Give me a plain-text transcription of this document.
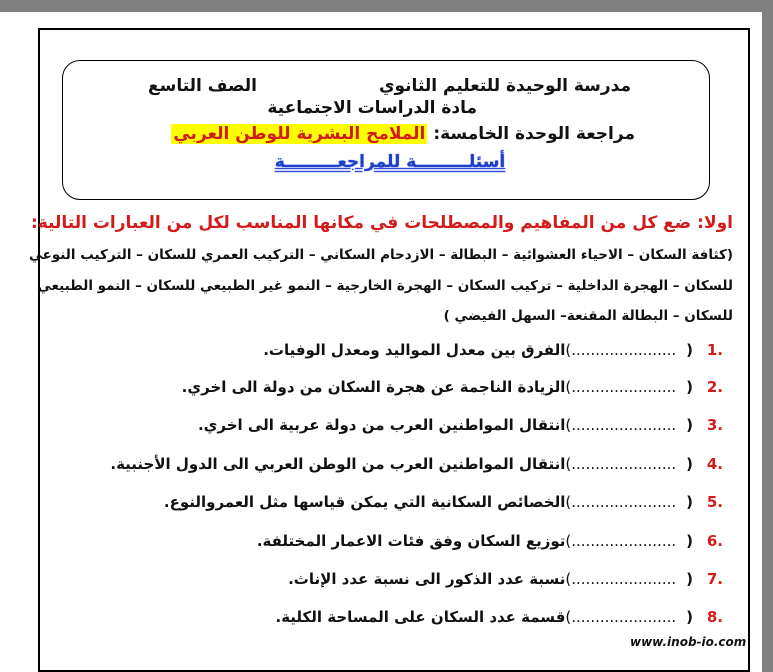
مدرسة الوحيدة للتعليم الثانوي
الصف التاسع
مادة الدراسات الاجتماعية
مراجعة الوحدة الخامسة: الملامح البشرية للوطن العربي
أسئلـــــــــة للمراجعـــــــــة
اولا: ضع كل من المفاهيم والمصطلحات في مكانها المناسب لكل من العبارات التالية:
(كثافة السكان – الاحياء العشوائية – البطالة – الازدحام السكاني – التركيب العمري للسكان – التركيب النوعي
للسكان – الهجرة الداخلية – تركيب السكان – الهجرة الخارجية – النمو غير الطبيعي للسكان – النمو الطبيعي
للسكان – البطالة المقنعة– السهل الفيضي )
.1(......................)الفرق بين معدل المواليد ومعدل الوفيات.
.2(......................)الزيادة الناجمة عن هجرة السكان من دولة الى اخري.
.3(......................)انتقال المواطنين العرب من دولة عربية الى اخري.
.4(......................)انتقال المواطنين العرب من الوطن العربي الى الدول الأجنبية.
.5(......................)الخصائص السكانية التي يمكن قياسها مثل العمروالنوع.
.6(......................)توزيع السكان وفق فئات الاعمار المختلفة.
.7(......................)نسبة عدد الذكور الى نسبة عدد الإناث.
.8(......................)قسمة عدد السكان على المساحة الكلية.
www.inob-io.com
